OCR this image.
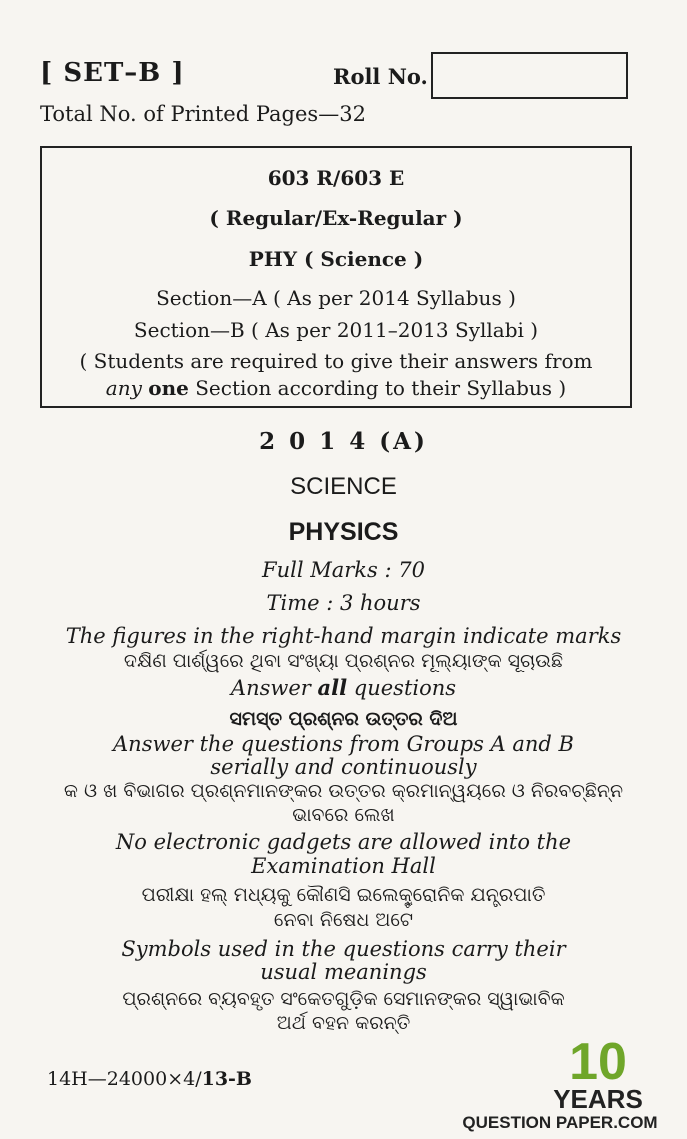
[ SET–B ]	Roll No.
Total No. of Printed Pages—32
603 R/603 E
( Regular/Ex-Regular )
PHY ( Science )
Section—A ( As per 2014 Syllabus )
Section—B ( As per 2011–2013 Syllabi )
( Students are required to give their answers from
any one Section according to their Syllabus )
2 0 1 4 (A)
SCIENCE
PHYSICS
Full Marks : 70
Time : 3 hours
The figures in the right-hand margin indicate marks
ଦକ୍ଷିଣ ପାର୍ଶ୍ୱରେ ଥିବା ସଂଖ୍ୟା ପ୍ରଶ୍ନର ମୂଲ୍ୟାଙ୍କ ସୂଚାଉଛି
Answer all questions
ସମସ୍ତ ପ୍ରଶ୍ନର ଉତ୍ତର ଦିଅ
Answer the questions from Groups A and B
serially and continuously
କ ଓ ଖ ବିଭାଗର ପ୍ରଶ୍ନମାନଙ୍କର ଉତ୍ତର କ୍ରମାନ୍ୱୟରେ ଓ ନିରବଚ୍ଛିନ୍ନ
ଭାବରେ ଲେଖ
No electronic gadgets are allowed into the
Examination Hall
ପରୀକ୍ଷା ହଲ୍ ମଧ୍ୟକୁ କୌଣସି ଇଲେକ୍ଟ୍ରୋନିକ ଯନ୍ତ୍ରପାତି
ନେବା ନିଷେଧ ଅଟେ
Symbols used in the questions carry their
usual meanings
ପ୍ରଶ୍ନରେ ବ୍ୟବହୃତ ସଂକେତଗୁଡ଼ିକ ସେମାନଙ୍କର ସ୍ୱାଭାବିକ
ଅର୍ଥ ବହନ କରନ୍ତି
14H—24000×4/13-B	10
YEARS
QUESTION PAPER.COM
